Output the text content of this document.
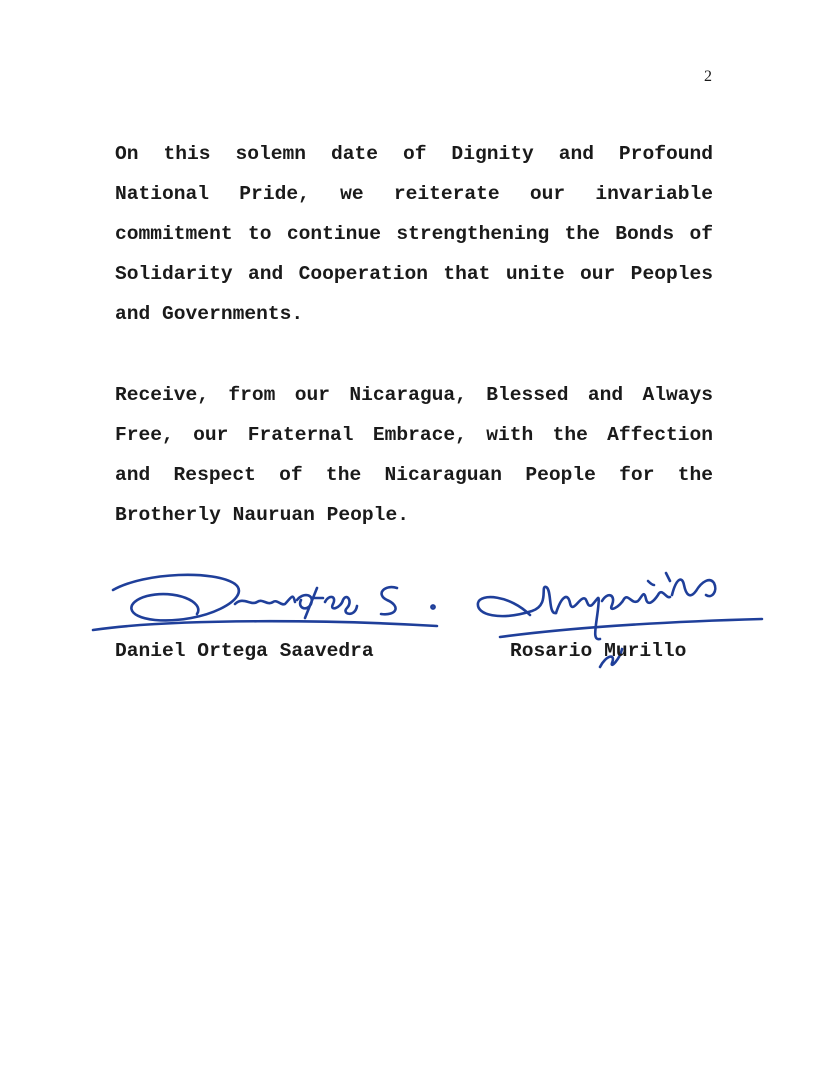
2

On this solemn date of Dignity and Profound National Pride, we reiterate our invariable commitment to continue strengthening the Bonds of Solidarity and Cooperation that unite our Peoples and Governments.

Receive, from our Nicaragua, Blessed and Always Free, our Fraternal Embrace, with the Affection and Respect of the Nicaraguan People for the Brotherly Nauruan People.

Daniel Ortega Saavedra	Rosario Murillo
